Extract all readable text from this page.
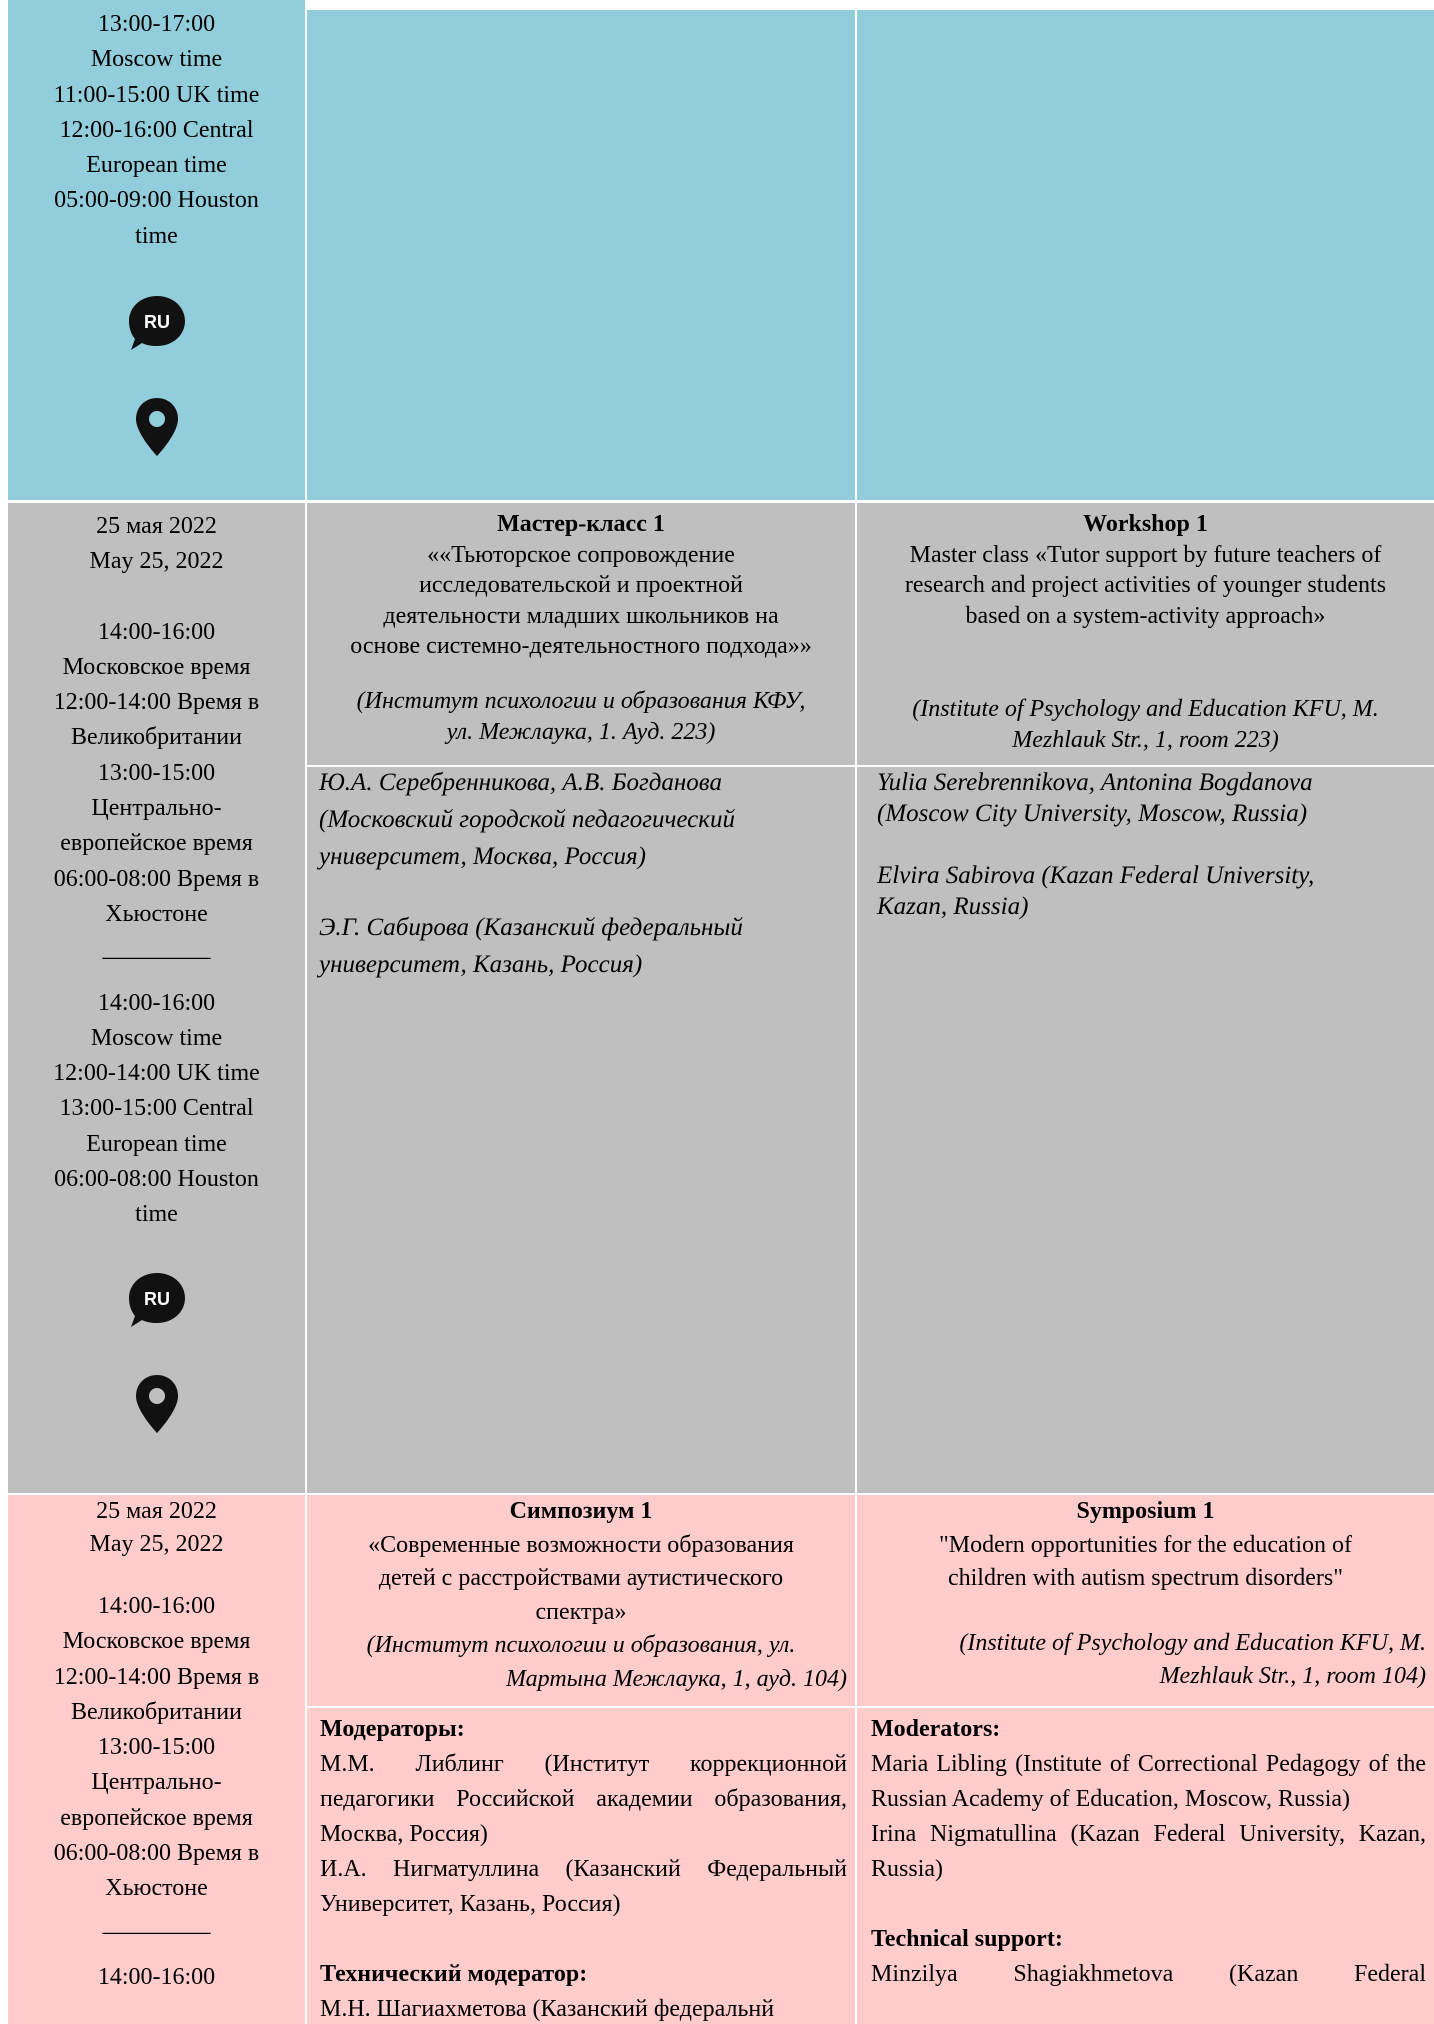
13:00-17:00
Moscow time
11:00-15:00 UK time
12:00-16:00 Central
European time
05:00-09:00 Houston
time
RU
25 мая 2022
May 25, 2022
14:00-16:00
Московское время
12:00-14:00 Время в
Великобритании
13:00-15:00
Центрально-
европейское время
06:00-08:00 Время в
Хьюстоне
_________
14:00-16:00
Moscow time
12:00-14:00 UK time
13:00-15:00 Central
European time
06:00-08:00 Houston
time
RU
Мастер-класс 1
««Тьюторское сопровождение
исследовательской и проектной
деятельности младших школьников на
основе системно-деятельностного подхода»»
(Институт психологии и образования КФУ,
ул. Межлаука, 1. Ауд. 223)
Workshop 1
Master class «Tutor support by future teachers of
research and project activities of younger students
based on a system-activity approach»
(Institute of Psychology and Education KFU, M.
Mezhlauk Str., 1, room 223)
Ю.А. Серебренникова, А.В. Богданова
(Московский городской педагогический
университет, Москва, Россия)
Э.Г. Сабирова (Казанский федеральный
университет, Казань, Россия)
Yulia Serebrennikova, Antonina Bogdanova
(Moscow City University, Moscow, Russia)
Elvira Sabirova (Kazan Federal University,
Kazan, Russia)
25 мая 2022
May 25, 2022
14:00-16:00
Московское время
12:00-14:00 Время в
Великобритании
13:00-15:00
Центрально-
европейское время
06:00-08:00 Время в
Хьюстоне
_________
14:00-16:00
Симпозиум 1
«Современные возможности образования
детей с расстройствами аутистического
спектра»
(Институт психологии и образования, ул.
Мартына Межлаука, 1, ауд. 104)
Symposium 1
"Modern opportunities for the education of
children with autism spectrum disorders"
(Institute of Psychology and Education KFU, M.
Mezhlauk Str., 1, room 104)
Модераторы:
М.М. Либлинг (Институт коррекционной педагогики Российской академии образования, Москва, Россия)
И.А. Нигматуллина (Казанский Федеральный Университет, Казань, Россия)
Технический модератор:
М.Н. Шагиахметова (Казанский федеральнй
Moderators:
Maria Libling (Institute of Correctional Pedagogy of the Russian Academy of Education, Moscow, Russia)
Irina Nigmatullina (Kazan Federal University, Kazan, Russia)
Technical support:
Minzilya Shagiakhmetova (Kazan Federal
